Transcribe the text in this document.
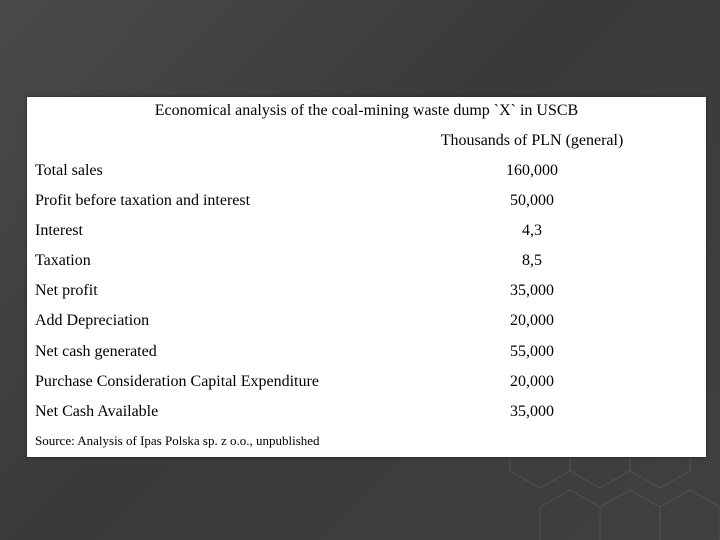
Economical analysis of the coal-mining waste dump `X` in USCB
Thousands of PLN (general)
Total sales	160,000
Profit before taxation and interest	50,000
Interest	4,3
Taxation	8,5
Net profit	35,000
Add Depreciation	20,000
Net cash generated	55,000
Purchase Consideration Capital Expenditure	20,000
Net Cash Available	35,000
Source: Analysis of Ipas Polska sp. z o.o., unpublished
